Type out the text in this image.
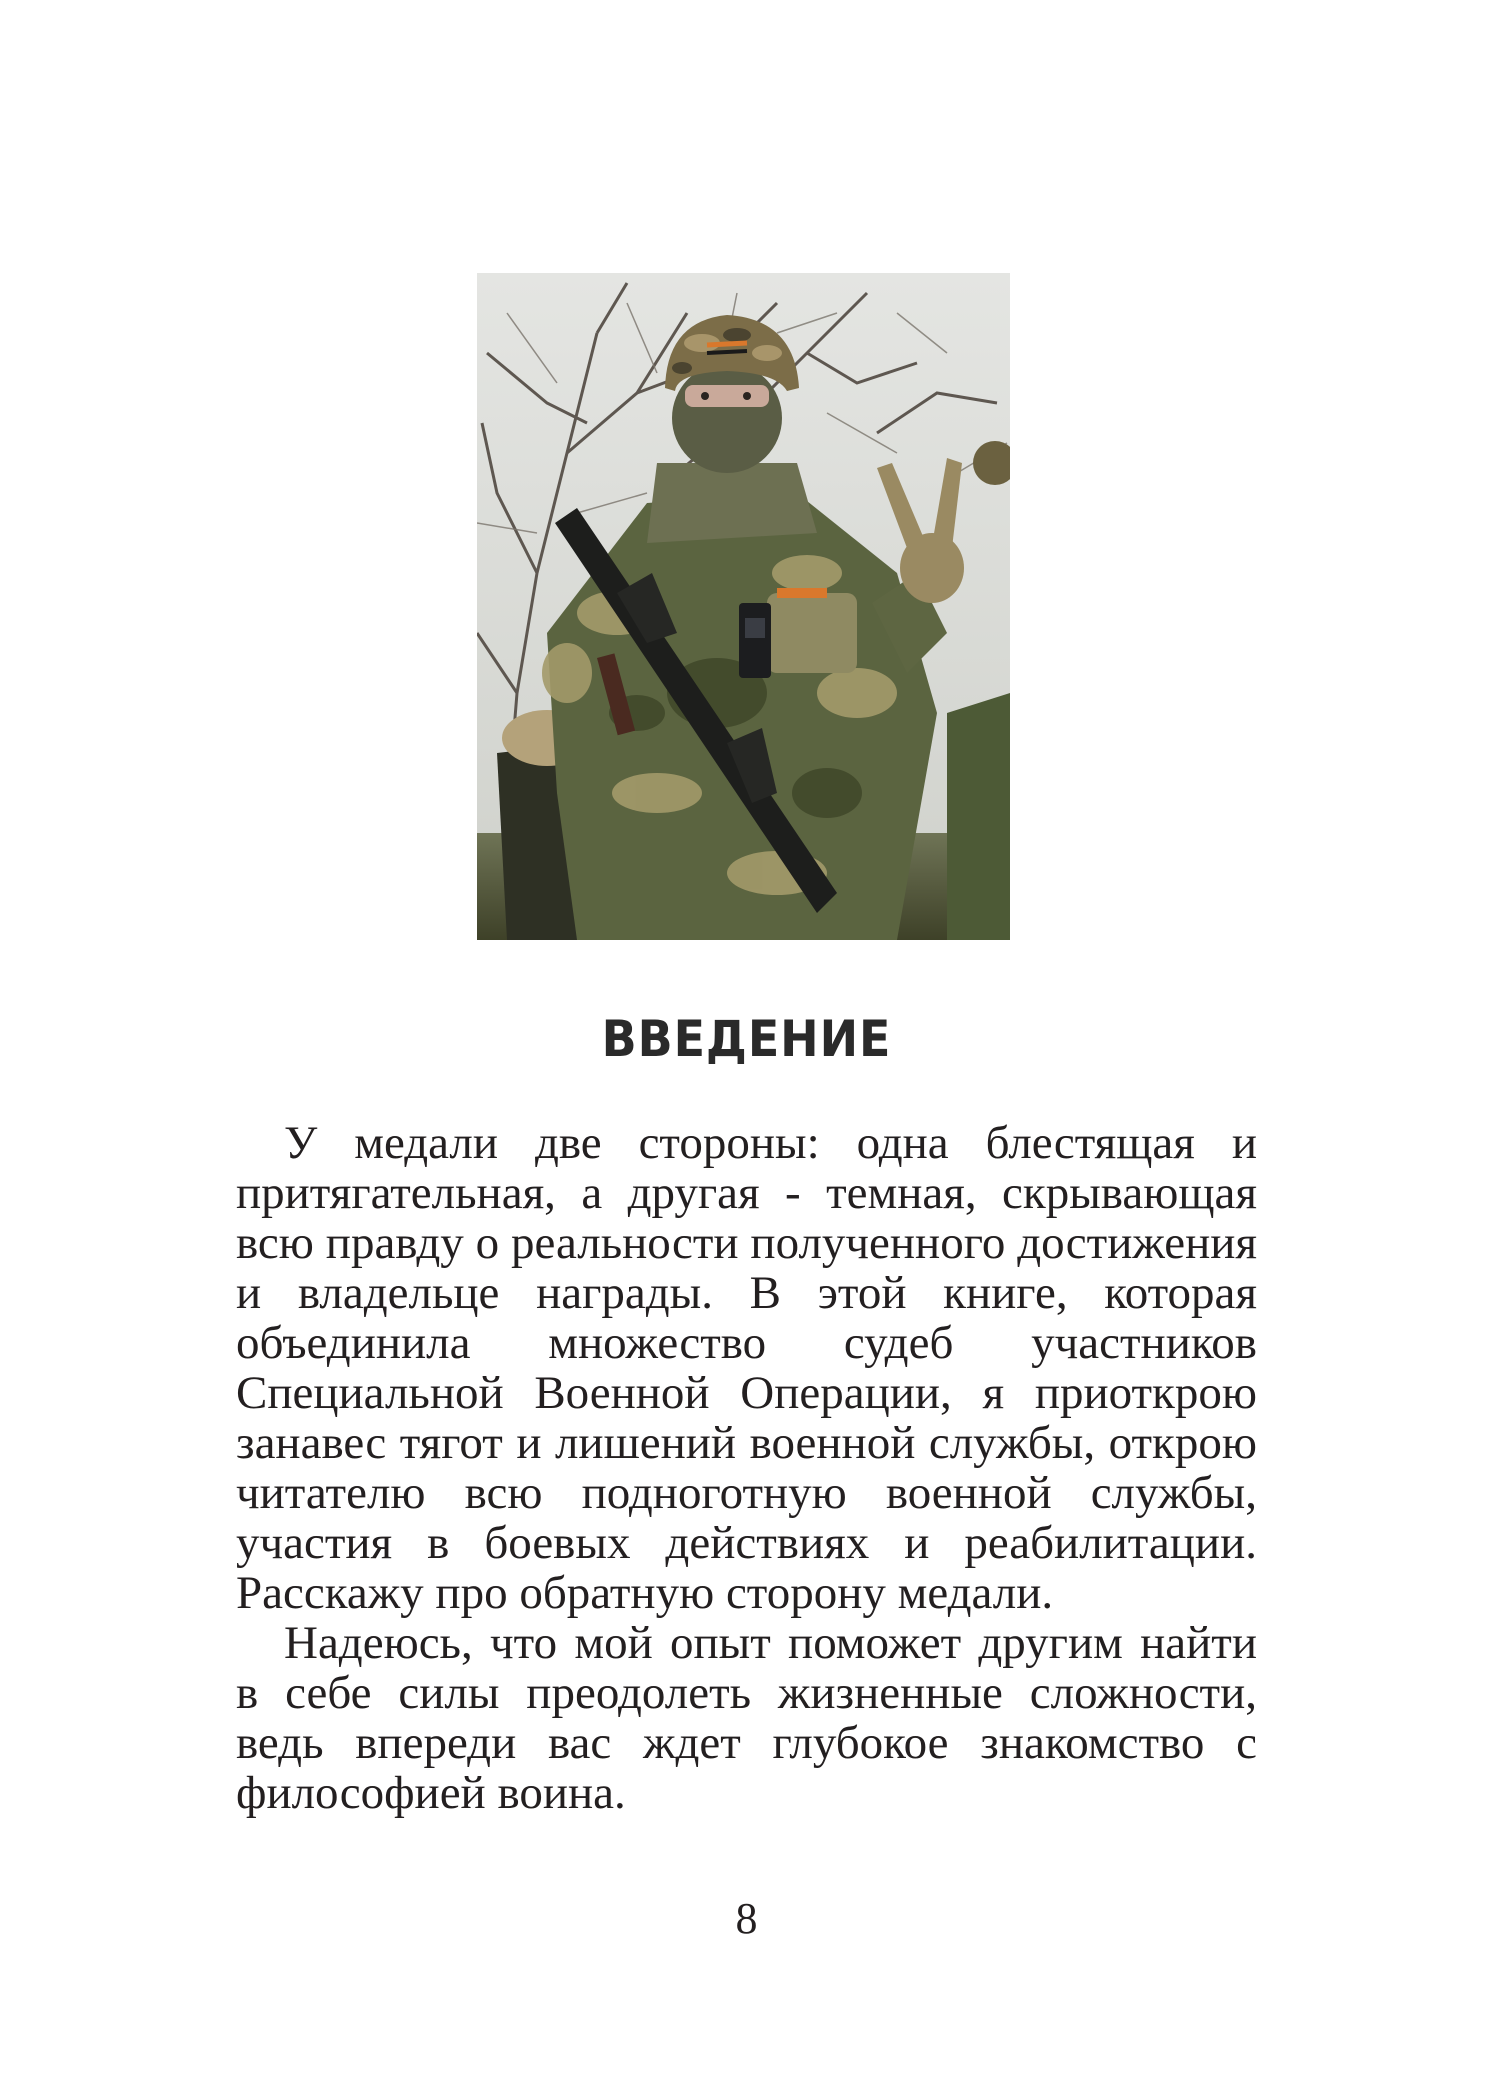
ВВЕДЕНИЕ

У медали две стороны: одна блестящая и притягательная, а другая - темная, скрывающая всю правду о реальности полученного достижения и владельце награды. В этой книге, которая объединила множество судеб участников Специальной Военной Операции, я приоткрою занавес тягот и лишений военной службы, открою читателю всю подноготную военной службы, участия в боевых действиях и реабилитации. Расскажу про обратную сторону медали.

Надеюсь, что мой опыт поможет другим найти в себе силы преодолеть жизненные сложности, ведь впереди вас ждет глубокое знакомство с философией воина.

8
